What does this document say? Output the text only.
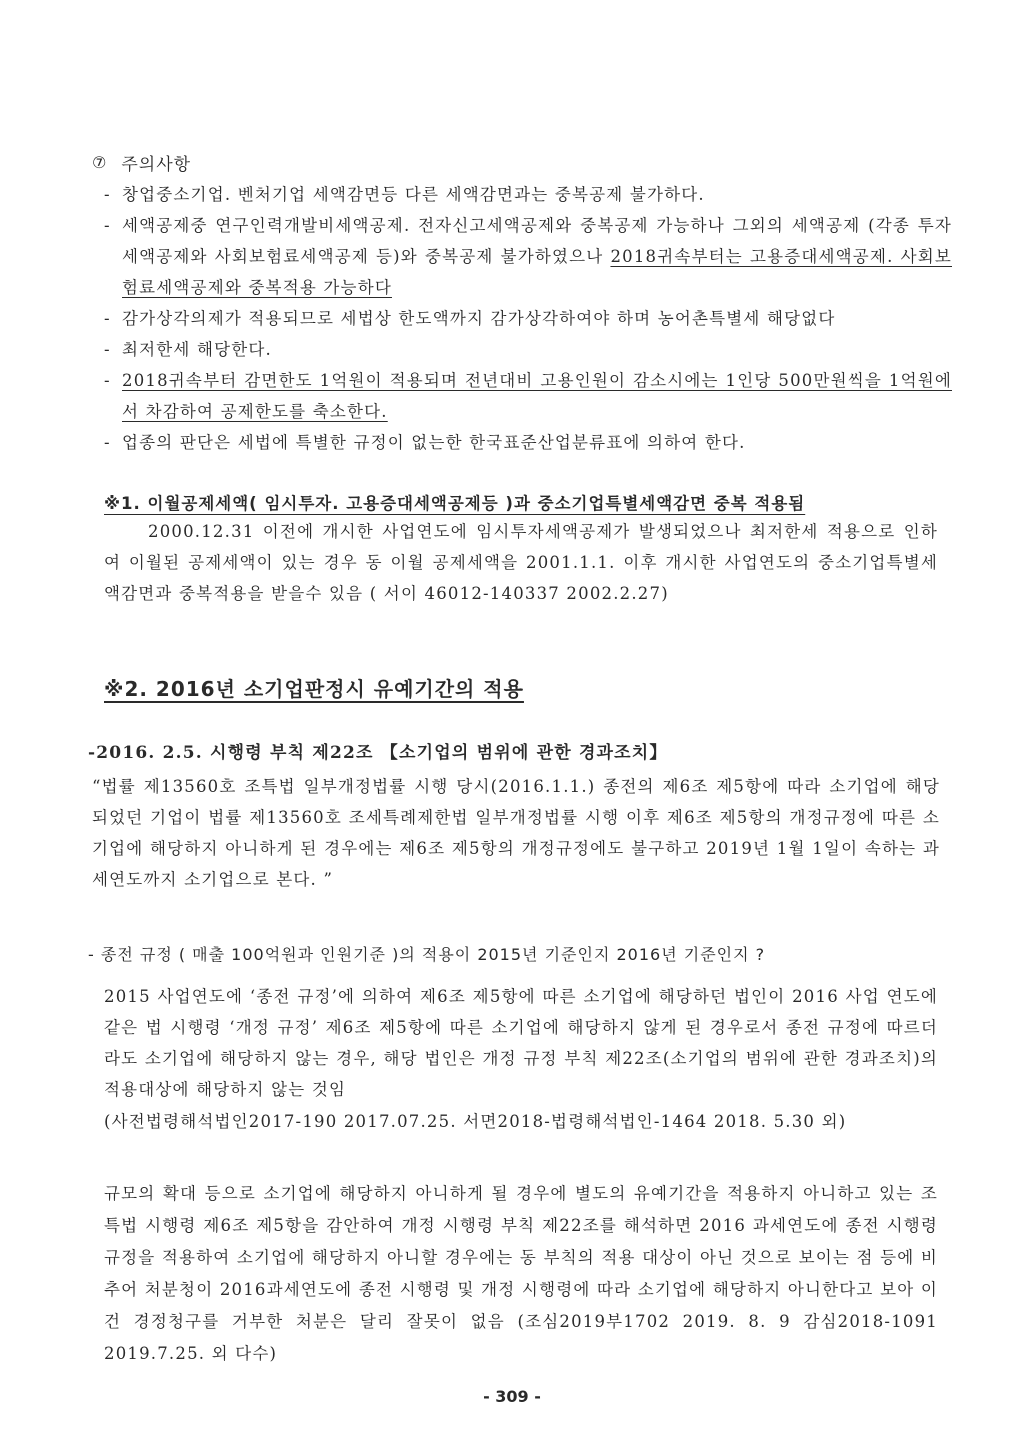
⑦ 주의사항
- 창업중소기업. 벤처기업 세액감면등 다른 세액감면과는 중복공제 불가하다.
- 세액공제중 연구인력개발비세액공제. 전자신고세액공제와 중복공제 가능하나 그외의 세액공제 (각종 투자세액공제와 사회보험료세액공제 등)와 중복공제 불가하였으나 2018귀속부터는 고용증대세액공제. 사회보험료세액공제와 중복적용 가능하다
- 감가상각의제가 적용되므로 세법상 한도액까지 감가상각하여야 하며 농어촌특별세 해당없다
- 최저한세 해당한다.
- 2018귀속부터 감면한도 1억원이 적용되며 전년대비 고용인원이 감소시에는 1인당 500만원씩을 1억원에서 차감하여 공제한도를 축소한다.
- 업종의 판단은 세법에 특별한 규정이 없는한 한국표준산업분류표에 의하여 한다.
※1. 이월공제세액( 임시투자. 고용증대세액공제등 )과 중소기업특별세액감면 중복 적용됨
2000.12.31 이전에 개시한 사업연도에 임시투자세액공제가 발생되었으나 최저한세 적용으로 인하여 이월된 공제세액이 있는 경우 동 이월 공제세액을 2001.1.1. 이후 개시한 사업연도의 중소기업특별세액감면과 중복적용을 받을수 있음 ( 서이 46012-140337 2002.2.27)
※2. 2016년 소기업판정시 유예기간의 적용
-2016. 2.5. 시행령 부칙 제22조 【소기업의 범위에 관한 경과조치】
“법률 제13560호 조특법 일부개정법률 시행 당시(2016.1.1.) 종전의 제6조 제5항에 따라 소기업에 해당되었던 기업이 법률 제13560호 조세특례제한법 일부개정법률 시행 이후 제6조 제5항의 개정규정에 따른 소기업에 해당하지 아니하게 된 경우에는 제6조 제5항의 개정규정에도 불구하고 2019년 1월 1일이 속하는 과세연도까지 소기업으로 본다. ”
- 종전 규정 ( 매출 100억원과 인원기준 )의 적용이 2015년 기준인지 2016년 기준인지 ?
2015 사업연도에 ‘종전 규정’에 의하여 제6조 제5항에 따른 소기업에 해당하던 법인이 2016 사업 연도에 같은 법 시행령 ‘개정 규정’ 제6조 제5항에 따른 소기업에 해당하지 않게 된 경우로서 종전 규정에 따르더라도 소기업에 해당하지 않는 경우, 해당 법인은 개정 규정 부칙 제22조(소기업의 범위에 관한 경과조치)의 적용대상에 해당하지 않는 것임
(사전법령해석법인2017-190 2017.07.25. 서면2018-법령해석법인-1464 2018. 5.30 외)
규모의 확대 등으로 소기업에 해당하지 아니하게 될 경우에 별도의 유예기간을 적용하지 아니하고 있는 조특법 시행령 제6조 제5항을 감안하여 개정 시행령 부칙 제22조를 해석하면 2016 과세연도에 종전 시행령 규정을 적용하여 소기업에 해당하지 아니할 경우에는 동 부칙의 적용 대상이 아닌 것으로 보이는 점 등에 비추어 처분청이 2016과세연도에 종전 시행령 및 개정 시행령에 따라 소기업에 해당하지 아니한다고 보아 이 건 경정청구를 거부한 처분은 달리 잘못이 없음 (조심2019부1702 2019. 8. 9 감심2018-1091 2019.7.25. 외 다수)
- 309 -
